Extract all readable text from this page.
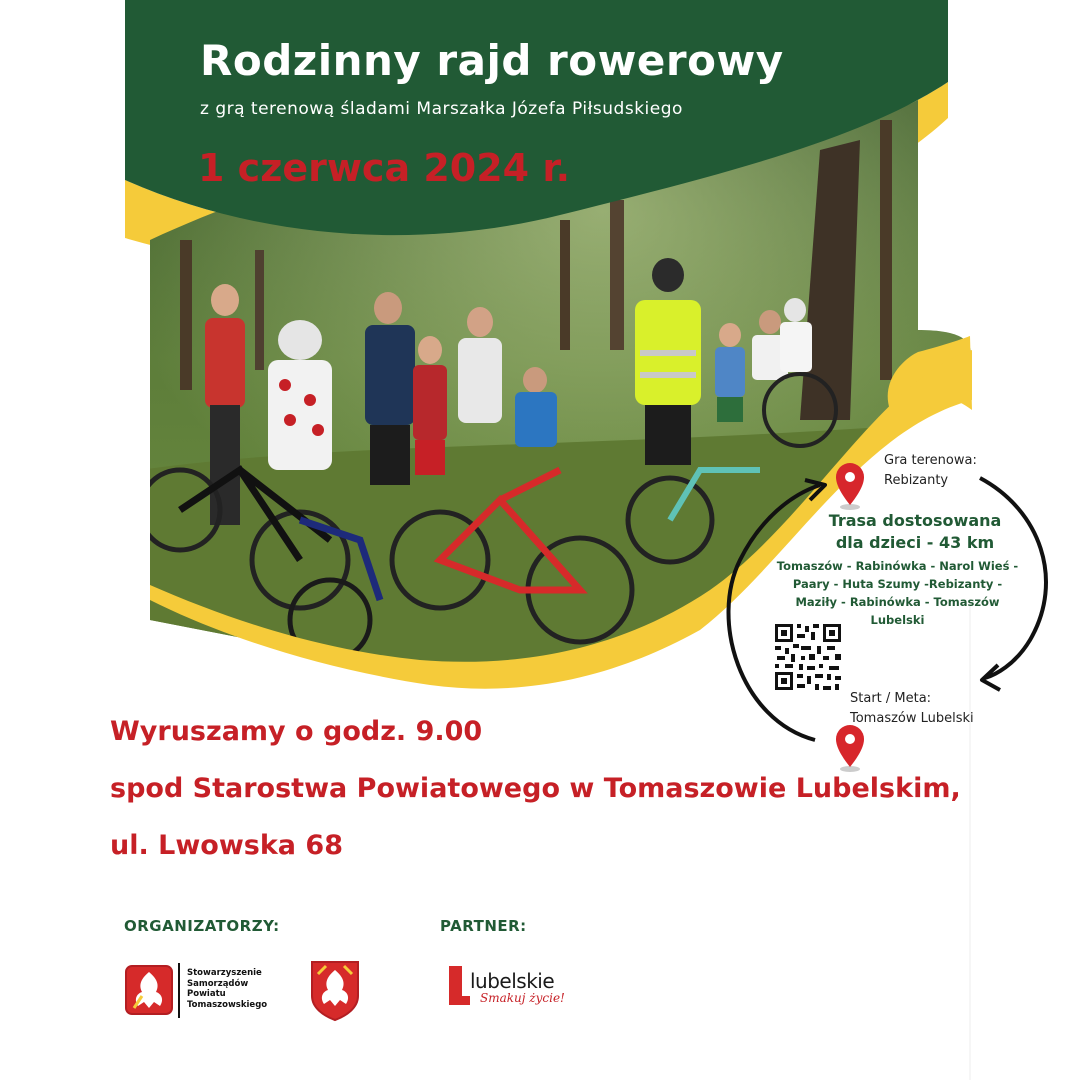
Rodzinny rajd rowerowy
z grą terenową śladami Marszałka Józefa Piłsudskiego
1 czerwca 2024 r.
Gra terenowa:
Rebizanty
Trasa dostosowana
dla dzieci - 43 km
Tomaszów - Rabinówka - Narol Wieś -
Paary - Huta Szumy -Rebizanty -
Maziły - Rabinówka - Tomaszów
Lubelski
Start / Meta:
Tomaszów Lubelski
Wyruszamy o godz. 9.00
spod Starostwa Powiatowego w Tomaszowie Lubelskim,
ul. Lwowska 68
ORGANIZATORZY:	PARTNER:
Stowarzyszenie
Samorządów
Powiatu
Tomaszowskiego
lubelskie
Smakuj życie!
